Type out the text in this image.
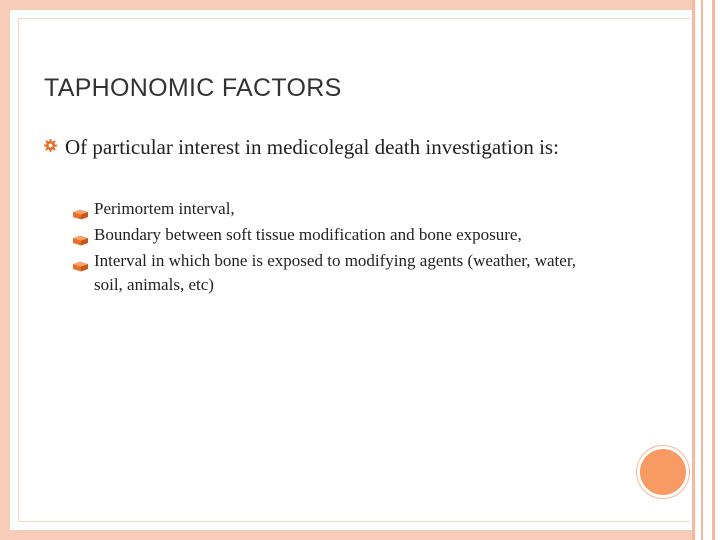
TAPHONOMIC FACTORS
Of particular interest in medicolegal death investigation is:
Perimortem interval,
Boundary between soft tissue modification and bone exposure,
Interval in which bone is exposed to modifying agents (weather, water, soil, animals, etc)
